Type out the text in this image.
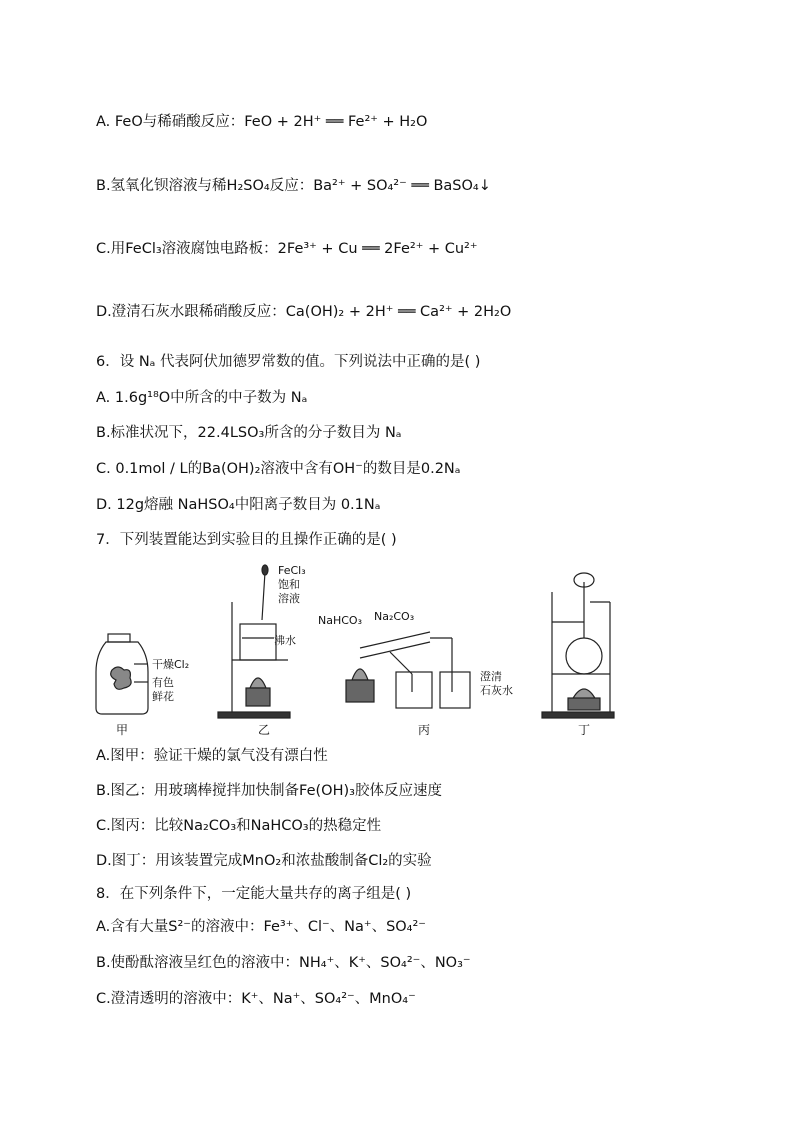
A. FeO与稀硝酸反应：FeO + 2H⁺ ══ Fe²⁺ + H₂O
B.氢氧化钡溶液与稀H₂SO₄反应：Ba²⁺ + SO₄²⁻ ══ BaSO₄↓
C.用FeCl₃溶液腐蚀电路板：2Fe³⁺ + Cu ══ 2Fe²⁺ + Cu²⁺
D.澄清石灰水跟稀硝酸反应：Ca(OH)₂ + 2H⁺ ══ Ca²⁺ + 2H₂O
6．设 Nₐ 代表阿伏加德罗常数的值。下列说法中正确的是( )
A. 1.6g¹⁸O中所含的中子数为 Nₐ
B.标准状况下，22.4LSO₃所含的分子数目为 Nₐ
C. 0.1mol / L的Ba(OH)₂溶液中含有OH⁻的数目是0.2Nₐ
D. 12g熔融 NaHSO₄中阳离子数目为 0.1Nₐ
7．下列装置能达到实验目的且操作正确的是( )
干燥Cl₂
有色
鲜花
甲
FeCl₃
饱和
溶液
沸水
乙
NaHCO₃ Na₂CO₃
澄清
石灰水
丙	丁
A.图甲：验证干燥的氯气没有漂白性
B.图乙：用玻璃棒搅拌加快制备Fe(OH)₃胶体反应速度
C.图丙：比较Na₂CO₃和NaHCO₃的热稳定性
D.图丁：用该装置完成MnO₂和浓盐酸制备Cl₂的实验
8．在下列条件下，一定能大量共存的离子组是( )
A.含有大量S²⁻的溶液中：Fe³⁺、Cl⁻、Na⁺、SO₄²⁻
B.使酚酞溶液呈红色的溶液中：NH₄⁺、K⁺、SO₄²⁻、NO₃⁻
C.澄清透明的溶液中：K⁺、Na⁺、SO₄²⁻、MnO₄⁻
